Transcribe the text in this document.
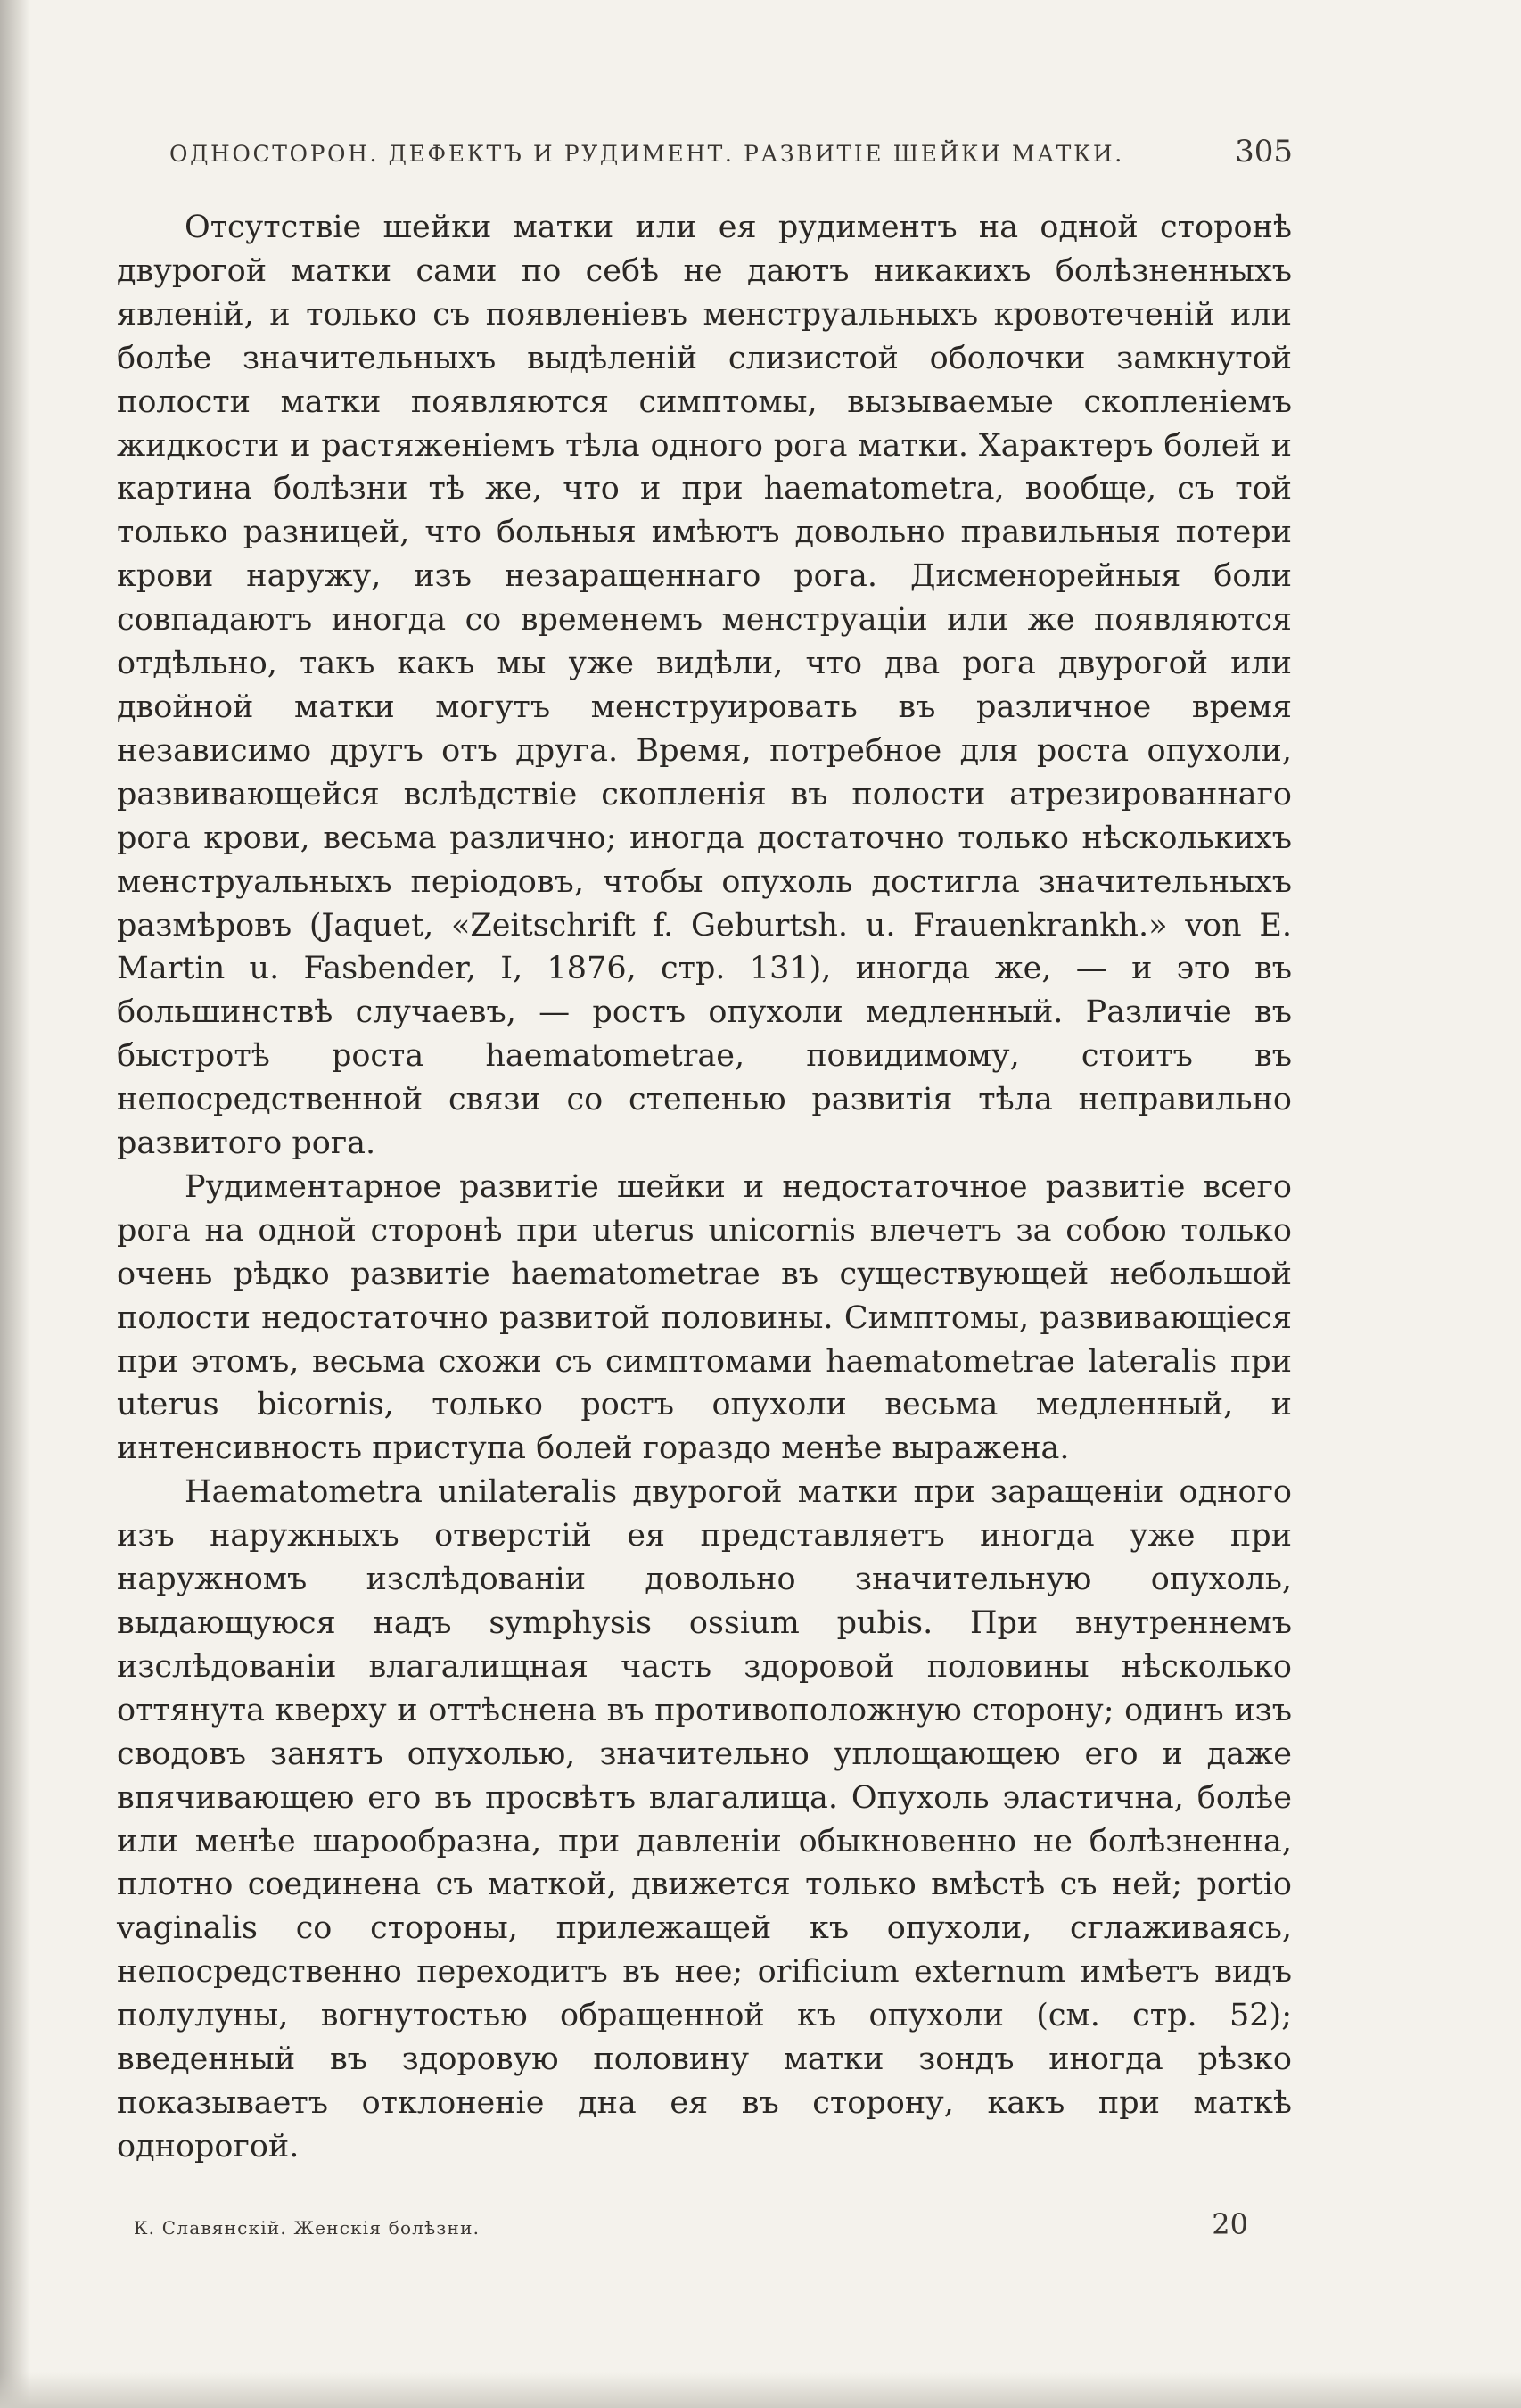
ОДНОСТОРОН. ДЕФЕКТЪ И РУДИМЕНТ. РАЗВИТІЕ ШЕЙКИ МАТКИ.	305

Отсутствіе шейки матки или ея рудиментъ на одной сторонѣ двурогой матки сами по себѣ не даютъ никакихъ болѣзненныхъ явленій, и только съ появленіевъ менструальныхъ кровотеченій или болѣе значительныхъ выдѣленій слизистой оболочки замкнутой полости матки появляются симптомы, вызываемые скопленіемъ жидкости и растяженіемъ тѣла одного рога матки. Характеръ болей и картина болѣзни тѣ же, что и при haematometra, вообще, съ той только разницей, что больныя имѣютъ довольно правильныя потери крови наружу, изъ незаращеннаго рога. Дисменорейныя боли совпадаютъ иногда со временемъ менструаціи или же появляются отдѣльно, такъ какъ мы уже видѣли, что два рога двурогой или двойной матки могутъ менструировать въ различное время независимо другъ отъ друга. Время, потребное для роста опухоли, развивающейся вслѣдствіе скопленія въ полости атрезированнаго рога крови, весьма различно; иногда достаточно только нѣсколькихъ менструальныхъ періодовъ, чтобы опухоль достигла значительныхъ размѣровъ (Jaquet, «Zeitschrift f. Geburtsh. u. Frauenkrankh.» von E. Martin u. Fasbender, I, 1876, стр. 131), иногда же, — и это въ большинствѣ случаевъ, — ростъ опухоли медленный. Различіе въ быстротѣ роста haematometrae, повидимому, стоитъ въ непосредственной связи со степенью развитія тѣла неправильно развитого рога.

Рудиментарное развитіе шейки и недостаточное развитіе всего рога на одной сторонѣ при uterus unicornis влечетъ за собою только очень рѣдко развитіе haematometrae въ существующей небольшой полости недостаточно развитой половины. Симптомы, развивающіеся при этомъ, весьма схожи съ симптомами haematometrae lateralis при uterus bicornis, только ростъ опухоли весьма медленный, и интенсивность приступа болей гораздо менѣе выражена.

Haematometra unilateralis двурогой матки при заращеніи одного изъ наружныхъ отверстій ея представляетъ иногда уже при наружномъ изслѣдованіи довольно значительную опухоль, выдающуюся надъ symphysis ossium pubis. При внутреннемъ изслѣдованіи влагалищная часть здоровой половины нѣсколько оттянута кверху и оттѣснена въ противоположную сторону; одинъ изъ сводовъ занятъ опухолью, значительно уплощающею его и даже впячивающею его въ просвѣтъ влагалища. Опухоль эластична, болѣе или менѣе шарообразна, при давленіи обыкновенно не болѣзненна, плотно соединена съ маткой, движется только вмѣстѣ съ ней; portio vaginalis со стороны, прилежащей къ опухоли, сглаживаясь, непосредственно переходитъ въ нее; orificium externum имѣетъ видъ полулуны, вогнутостью обращенной къ опухоли (см. стр. 52); введенный въ здоровую половину матки зондъ иногда рѣзко показываетъ отклоненіе дна ея въ сторону, какъ при маткѣ однорогой.

К. Славянскій. Женскія болѣзни.	20
